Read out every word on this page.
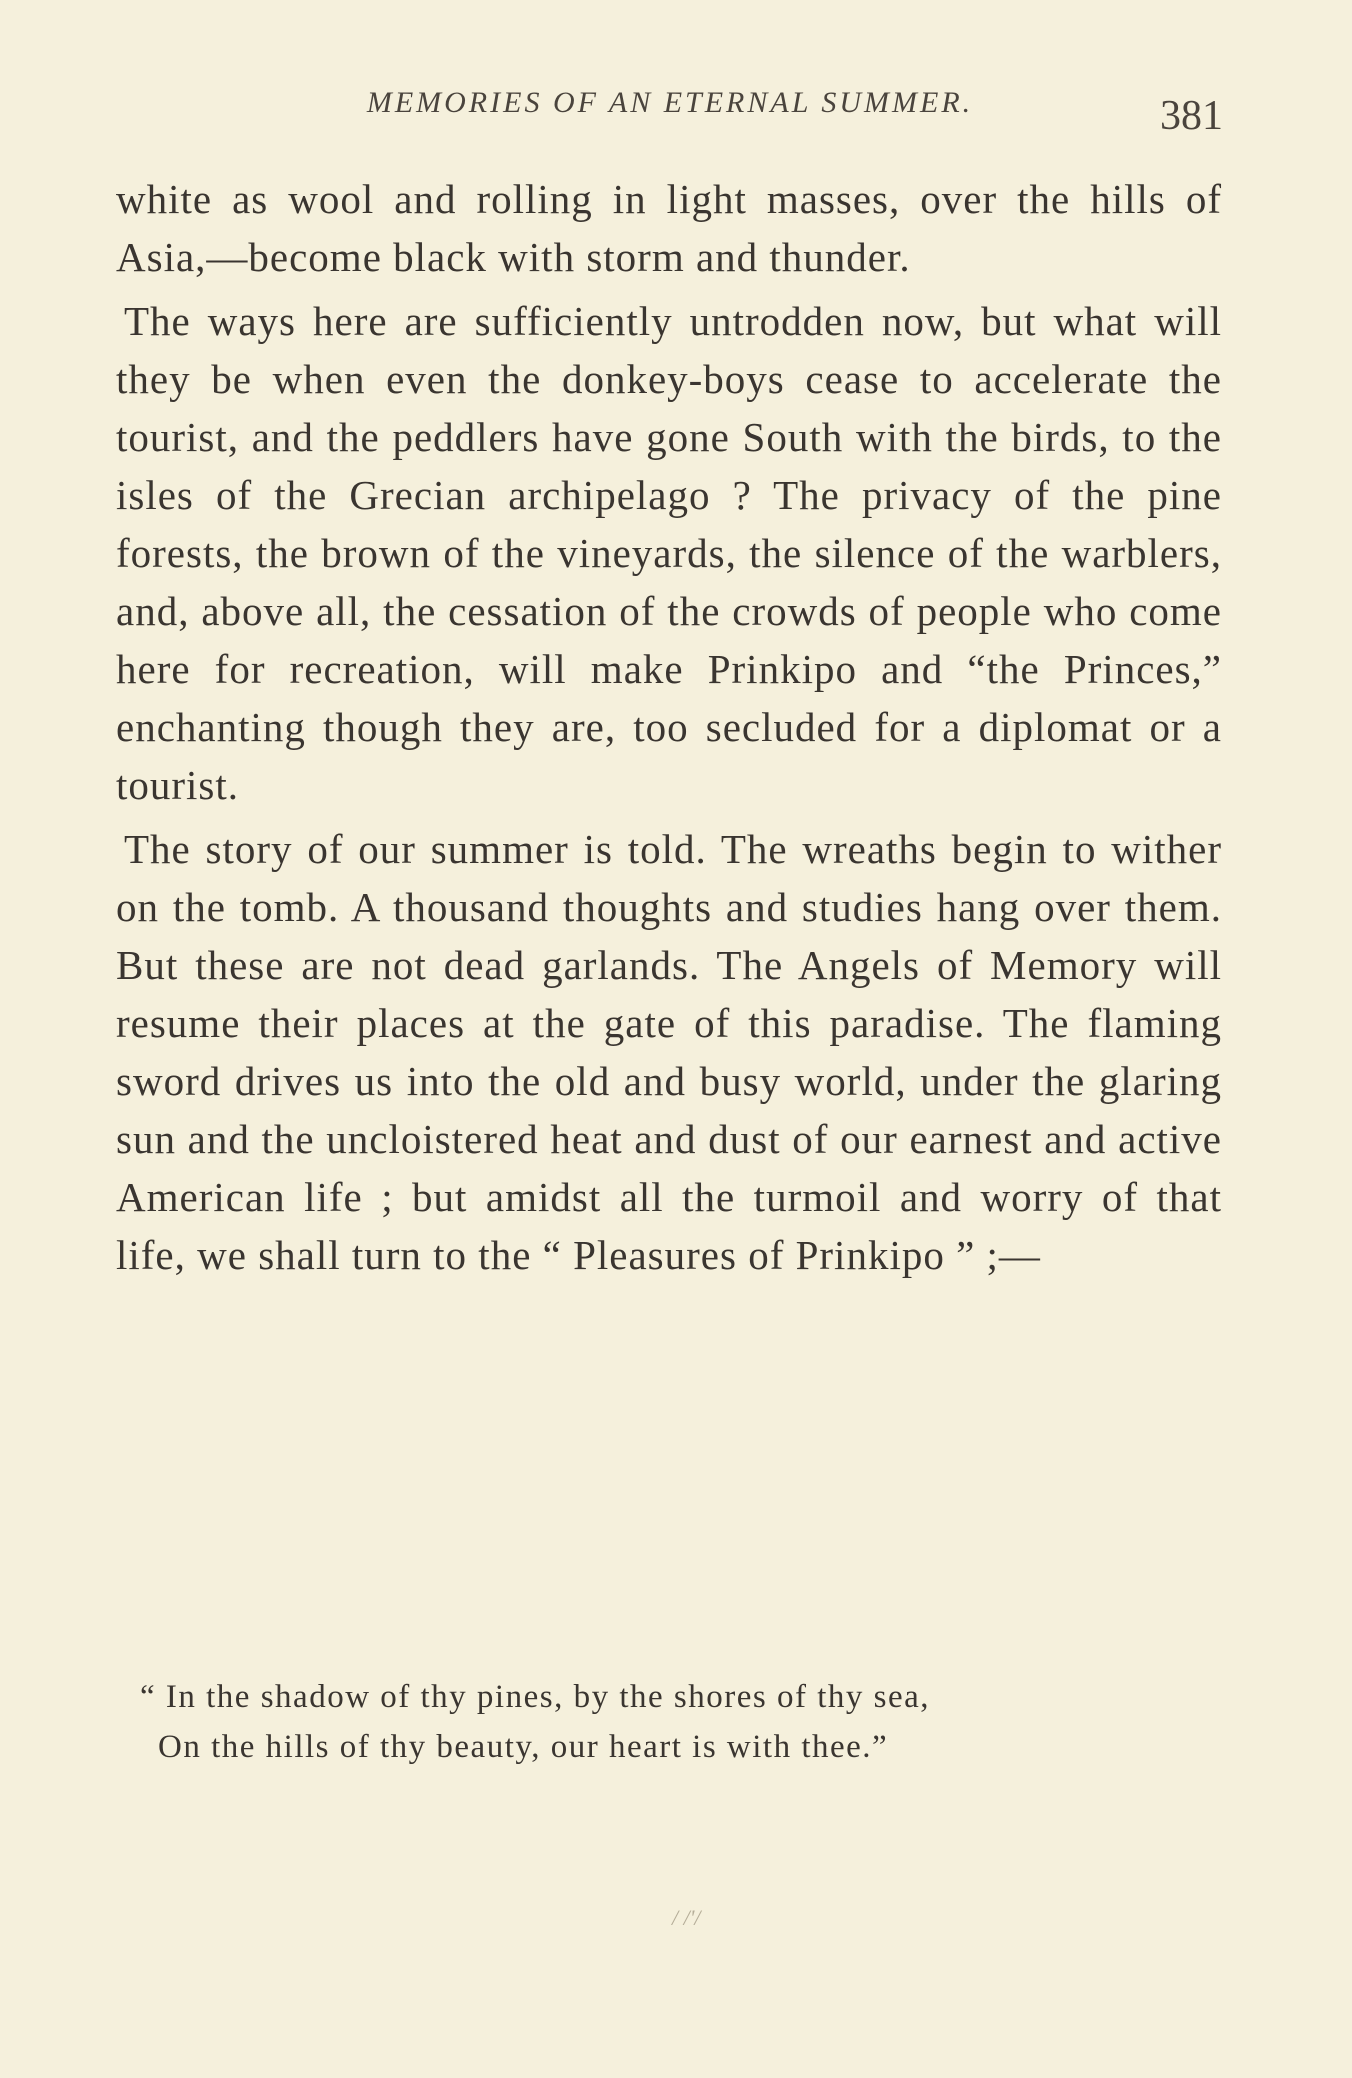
MEMORIES OF AN ETERNAL SUMMER.	381

white as wool and rolling in light masses, over the hills of Asia,—become black with storm and thunder.

The ways here are sufficiently untrodden now, but what will they be when even the donkey-boys cease to accelerate the tourist, and the peddlers have gone South with the birds, to the isles of the Grecian archipelago ? The privacy of the pine forests, the brown of the vineyards, the silence of the warblers, and, above all, the cessation of the crowds of people who come here for recreation, will make Prinkipo and “the Princes,” enchanting though they are, too secluded for a diplomat or a tourist.

The story of our summer is told. The wreaths begin to wither on the tomb. A thousand thoughts and studies hang over them. But these are not dead garlands. The Angels of Memory will resume their places at the gate of this paradise. The flaming sword drives us into the old and busy world, under the glaring sun and the uncloistered heat and dust of our earnest and active American life ; but amidst all the turmoil and worry of that life, we shall turn to the “ Pleasures of Prinkipo ” ;—

“ In the shadow of thy pines, by the shores of thy sea,
On the hills of thy beauty, our heart is with thee.”
/ /'/
